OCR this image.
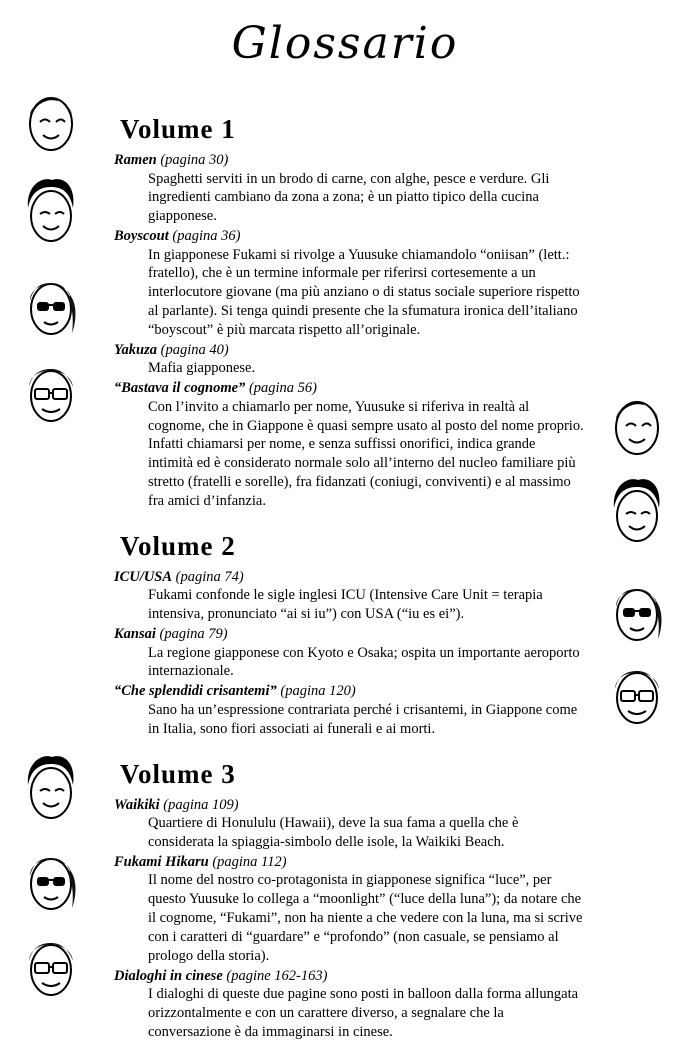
Glossario
Volume 1
Ramen (pagina 30)
Spaghetti serviti in un brodo di carne, con alghe, pesce e verdure. Gli ingredienti cambiano da zona a zona; è un piatto tipico della cucina giapponese.
Boyscout (pagina 36)
In giapponese Fukami si rivolge a Yuusuke chiamandolo “oniisan” (lett.: fratello), che è un termine informale per riferirsi cortesemente a un interlocutore giovane (ma più anziano o di status sociale superiore rispetto al parlante). Si tenga quindi presente che la sfumatura ironica dell’italiano “boyscout” è più marcata rispetto all’originale.
Yakuza (pagina 40)
Mafia giapponese.
“Bastava il cognome” (pagina 56)
Con l’invito a chiamarlo per nome, Yuusuke si riferiva in realtà al cognome, che in Giappone è quasi sempre usato al posto del nome proprio. Infatti chiamarsi per nome, e senza suffissi onorifici, indica grande intimità ed è considerato normale solo all’interno del nucleo familiare più stretto (fratelli e sorelle), fra fidanzati (coniugi, conviventi) e al massimo fra amici d’infanzia.
Volume 2
ICU/USA (pagina 74)
Fukami confonde le sigle inglesi ICU (Intensive Care Unit = terapia intensiva, pronunciato “ai si iu”) con USA (“iu es ei”).
Kansai (pagina 79)
La regione giapponese con Kyoto e Osaka; ospita un importante aeroporto internazionale.
“Che splendidi crisantemi” (pagina 120)
Sano ha un’espressione contrariata perché i crisantemi, in Giappone come in Italia, sono fiori associati ai funerali e ai morti.
Volume 3
Waikiki (pagina 109)
Quartiere di Honululu (Hawaii), deve la sua fama a quella che è considerata la spiaggia-simbolo delle isole, la Waikiki Beach.
Fukami Hikaru (pagina 112)
Il nome del nostro co-protagonista in giapponese significa “luce”, per questo Yuusuke lo collega a “moonlight” (“luce della luna”); da notare che il cognome, “Fukami”, non ha niente a che vedere con la luna, ma si scrive con i caratteri di “guardare” e “profondo” (non casuale, se pensiamo al prologo della storia).
Dialoghi in cinese (pagine 162-163)
I dialoghi di queste due pagine sono posti in balloon dalla forma allungata orizzontalmente e con un carattere diverso, a segnalare che la conversazione è da immaginarsi in cinese.
